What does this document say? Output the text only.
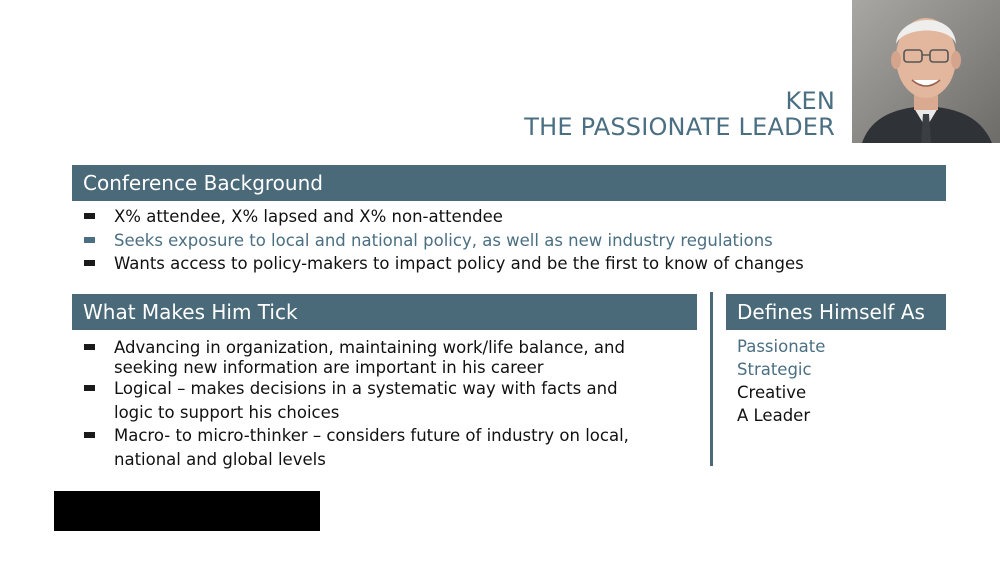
KEN
THE PASSIONATE LEADER
Conference Background
X% attendee, X% lapsed and X% non-attendee
Seeks exposure to local and national policy, as well as new industry regulations
Wants access to policy-makers to impact policy and be the first to know of changes
What Makes Him Tick
Advancing in organization, maintaining work/life balance, and
seeking new information are important in his career
Logical – makes decisions in a systematic way with facts and
logic to support his choices
Macro- to micro-thinker – considers future of industry on local,
national and global levels
Defines Himself As
Passionate
Strategic
Creative
A Leader
